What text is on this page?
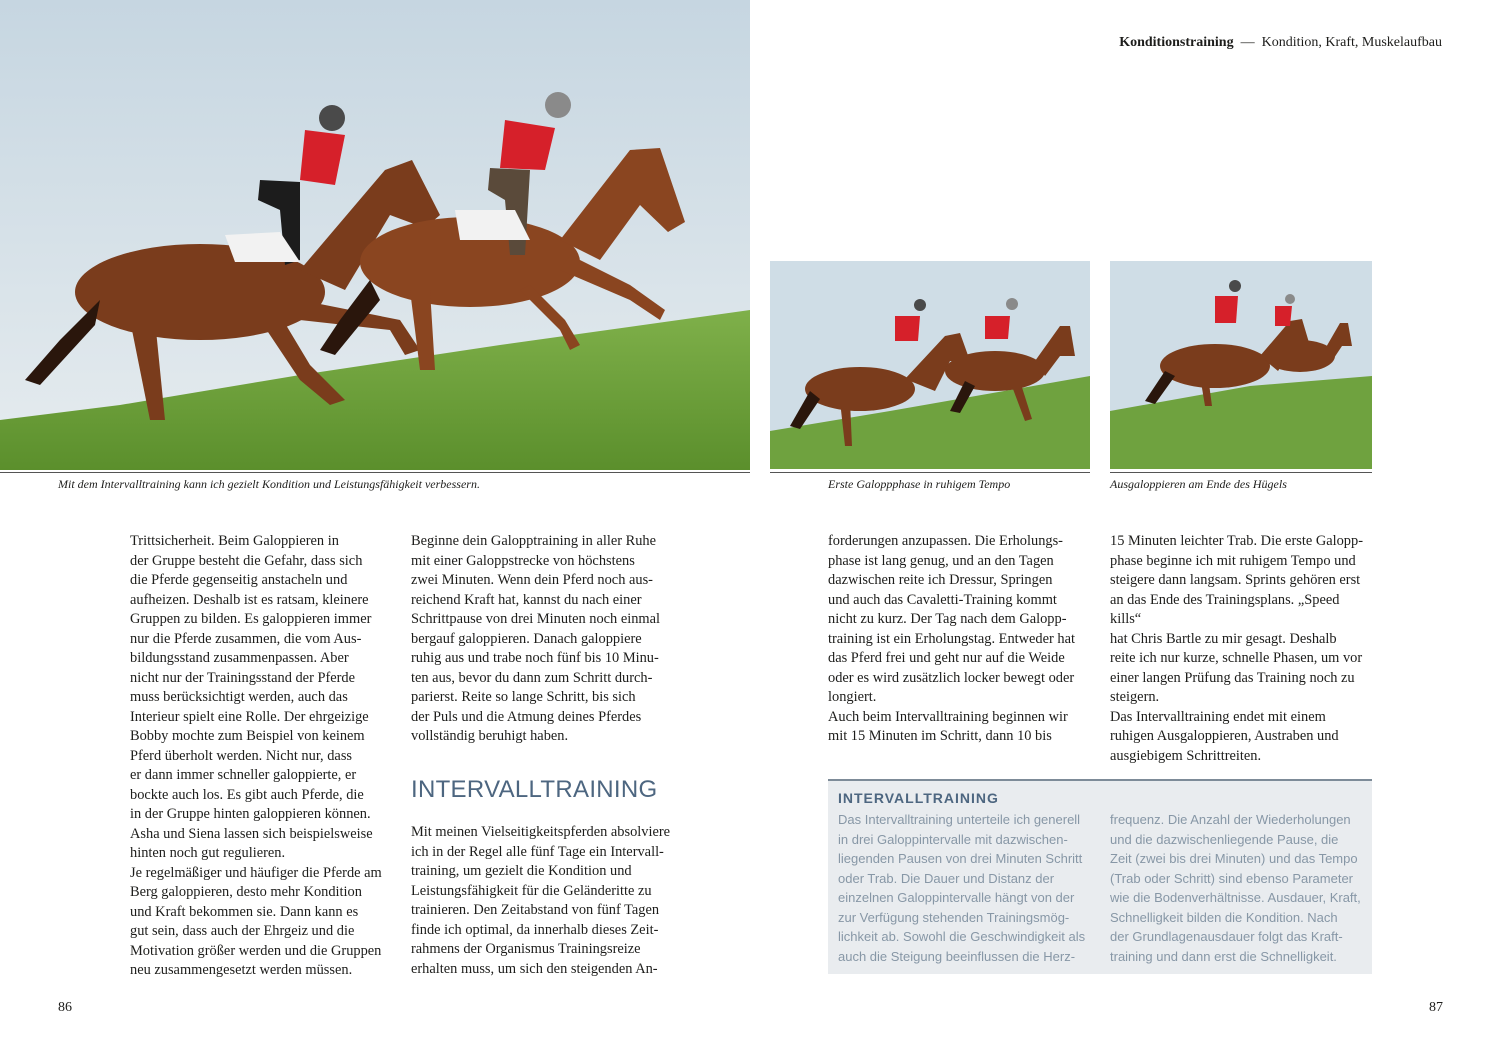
Konditionstraining — Kondition, Kraft, Muskelaufbau
Mit dem Intervalltraining kann ich gezielt Kondition und Leistungsfähigkeit verbessern.	Erste Galoppphase in ruhigem Tempo	Ausgaloppieren am Ende des Hügels

Trittsicherheit. Beim Galoppieren in
der Gruppe besteht die Gefahr, dass sich
die Pferde gegenseitig anstacheln und
aufheizen. Deshalb ist es ratsam, kleinere
Gruppen zu bilden. Es galoppieren immer
nur die Pferde zusammen, die vom Aus-
bildungsstand zusammenpassen. Aber
nicht nur der Trainingsstand der Pferde
muss berücksichtigt werden, auch das
Interieur spielt eine Rolle. Der ehrgeizige
Bobby mochte zum Beispiel von keinem
Pferd überholt werden. Nicht nur, dass
er dann immer schneller galoppierte, er
bockte auch los. Es gibt auch Pferde, die
in der Gruppe hinten galoppieren können.
Asha und Siena lassen sich beispielsweise
hinten noch gut regulieren.
Je regelmäßiger und häufiger die Pferde am
Berg galoppieren, desto mehr Kondition
und Kraft bekommen sie. Dann kann es
gut sein, dass auch der Ehrgeiz und die
Motivation größer werden und die Gruppen
neu zusammengesetzt werden müssen.

Beginne dein Galopptraining in aller Ruhe
mit einer Galoppstrecke von höchstens
zwei Minuten. Wenn dein Pferd noch aus-
reichend Kraft hat, kannst du nach einer
Schrittpause von drei Minuten noch einmal
bergauf galoppieren. Danach galoppiere
ruhig aus und trabe noch fünf bis 10 Minu-
ten aus, bevor du dann zum Schritt durch-
parierst. Reite so lange Schritt, bis sich
der Puls und die Atmung deines Pferdes
vollständig beruhigt haben.

INTERVALLTRAINING

Mit meinen Vielseitigkeitspferden absolviere
ich in der Regel alle fünf Tage ein Intervall-
training, um gezielt die Kondition und
Leistungsfähigkeit für die Geländeritte zu
trainieren. Den Zeitabstand von fünf Tagen
finde ich optimal, da innerhalb dieses Zeit-
rahmens der Organismus Trainingsreize
erhalten muss, um sich den steigenden An-

forderungen anzupassen. Die Erholungs-
phase ist lang genug, und an den Tagen
dazwischen reite ich Dressur, Springen
und auch das Cavaletti-Training kommt
nicht zu kurz. Der Tag nach dem Galopp-
training ist ein Erholungstag. Entweder hat
das Pferd frei und geht nur auf die Weide
oder es wird zusätzlich locker bewegt oder
longiert.
Auch beim Intervalltraining beginnen wir
mit 15 Minuten im Schritt, dann 10 bis

15 Minuten leichter Trab. Die erste Galopp-
phase beginne ich mit ruhigem Tempo und
steigere dann langsam. Sprints gehören erst
an das Ende des Trainingsplans. „Speed kills“
hat Chris Bartle zu mir gesagt. Deshalb
reite ich nur kurze, schnelle Phasen, um vor
einer langen Prüfung das Training noch zu
steigern.
Das Intervalltraining endet mit einem
ruhigen Ausgaloppieren, Austraben und
ausgiebigem Schrittreiten.

INTERVALLTRAINING
Das Intervalltraining unterteile ich generell
in drei Galoppintervalle mit dazwischen-
liegenden Pausen von drei Minuten Schritt
oder Trab. Die Dauer und Distanz der
einzelnen Galoppintervalle hängt von der
zur Verfügung stehenden Trainingsmög-
lichkeit ab. Sowohl die Geschwindigkeit als
auch die Steigung beeinflussen die Herz-
frequenz. Die Anzahl der Wiederholungen
und die dazwischenliegende Pause, die
Zeit (zwei bis drei Minuten) und das Tempo
(Trab oder Schritt) sind ebenso Parameter
wie die Bodenverhältnisse. Ausdauer, Kraft,
Schnelligkeit bilden die Kondition. Nach
der Grundlagenausdauer folgt das Kraft-
training und dann erst die Schnelligkeit.
86	87
